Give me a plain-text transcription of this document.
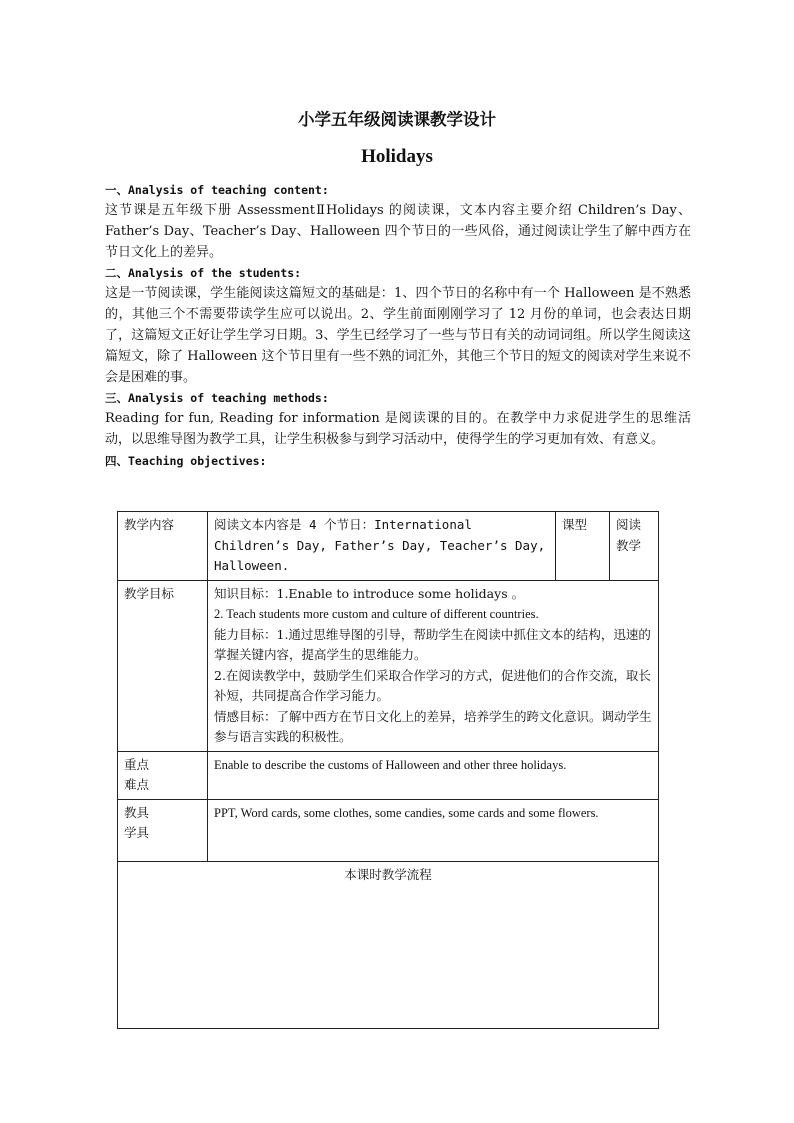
小学五年级阅读课教学设计
Holidays
一、Analysis of teaching content:

这节课是五年级下册 AssessmentⅡHolidays 的阅读课，文本内容主要介绍 Children’s Day、Father’s Day、Teacher’s Day、Halloween 四个节日的一些风俗，通过阅读让学生了解中西方在节日文化上的差异。

二、Analysis of the students:

这是一节阅读课，学生能阅读这篇短文的基础是：1、四个节日的名称中有一个 Halloween 是不熟悉的，其他三个不需要带读学生应可以说出。2、学生前面刚刚学习了 12 月份的单词，也会表达日期了，这篇短文正好让学生学习日期。3、学生已经学习了一些与节日有关的动词词组。所以学生阅读这篇短文，除了 Halloween 这个节日里有一些不熟的词汇外，其他三个节日的短文的阅读对学生来说不会是困难的事。

三、Analysis of teaching methods:

Reading for fun, Reading for information 是阅读课的目的。在教学中力求促进学生的思维活动，以思维导图为教学工具，让学生积极参与到学习活动中，使得学生的学习更加有效、有意义。

四、Teaching objectives:
教学内容	阅读文本内容是 4 个节日：International Children’s Day, Father’s Day, Teacher’s Day, Halloween.	课型	阅读教学
教学目标	知识目标：1.Enable to introduce some holidays 。
2. Teach students more custom and culture of different countries.
能力目标：1.通过思维导图的引导，帮助学生在阅读中抓住文本的结构，迅速的掌握关键内容，提高学生的思维能力。
2.在阅读教学中，鼓励学生们采取合作学习的方式，促进他们的合作交流，取长补短，共同提高合作学习能力。
情感目标：了解中西方在节日文化上的差异，培养学生的跨文化意识。调动学生参与语言实践的积极性。		

重点
难点	Enable to describe the customs of Halloween and other three holidays.		

教具
学具	PPT, Word cards, some clothes, some candies, some cards and some flowers.		
本课时教学流程			
